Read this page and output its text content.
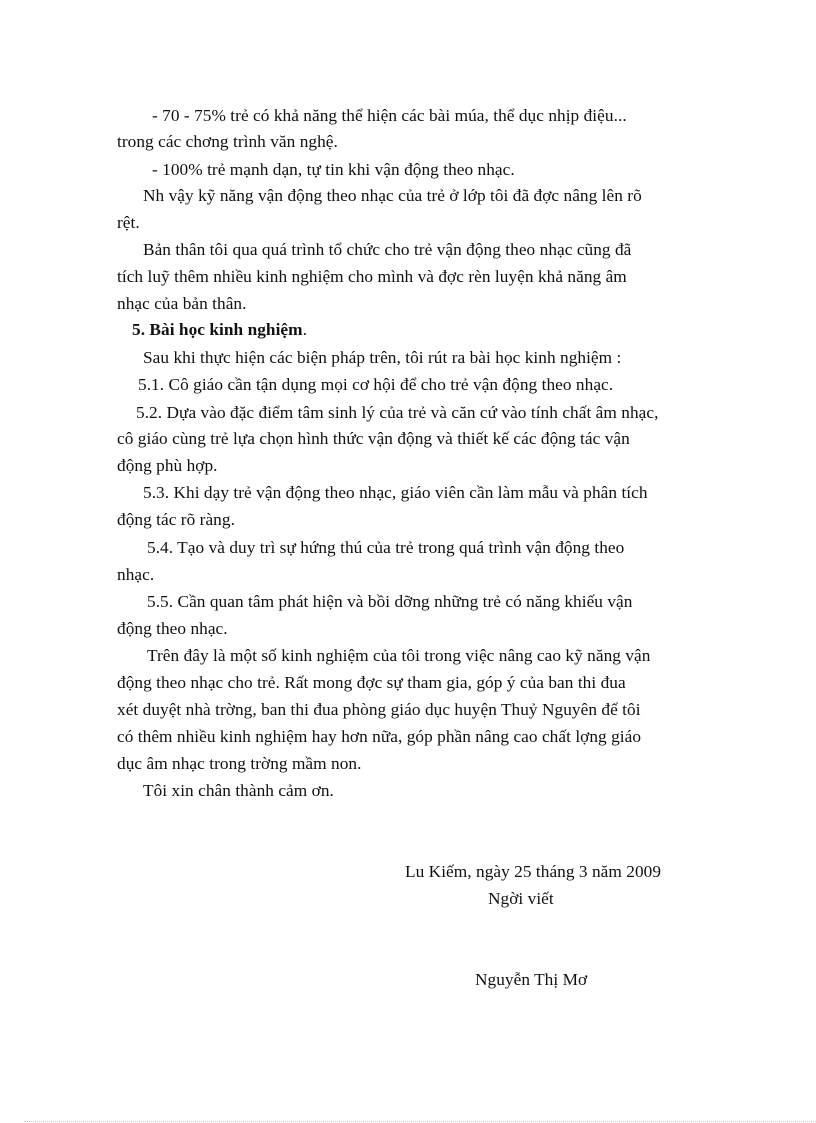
- 70 - 75% trẻ có khả năng thể hiện các bài múa, thể dục nhịp điệu...
trong các chơng trình văn nghệ.
- 100% trẻ mạnh dạn, tự tin khi vận động theo nhạc.
Nh vậy kỹ năng vận động theo nhạc của trẻ ở lớp tôi đã đợc nâng lên rõ
rệt.
Bản thân tôi qua quá trình tổ chức cho trẻ vận động theo nhạc cũng đã
tích luỹ thêm nhiều kinh nghiệm cho mình và đợc rèn luyện khả năng âm
nhạc của bản thân.
5. Bài học kinh nghiệm.
Sau khi thực hiện các biện pháp trên, tôi rút ra bài học kinh nghiệm :
5.1. Cô giáo cần tận dụng mọi cơ hội để cho trẻ vận động theo nhạc.
5.2. Dựa vào đặc điểm tâm sinh lý của trẻ và căn cứ vào tính chất âm nhạc,
cô giáo cùng trẻ lựa chọn hình thức vận động và thiết kế các động tác vận
động phù hợp.
5.3. Khi dạy trẻ vận động theo nhạc, giáo viên cần làm mẫu và phân tích
động tác rõ ràng.
5.4. Tạo và duy trì sự hứng thú của trẻ trong quá trình vận động theo
nhạc.
5.5. Cần quan tâm phát hiện và bồi dỡng những trẻ có năng khiếu vận
động theo nhạc.
Trên đây là một số kinh nghiệm của tôi trong việc nâng cao kỹ năng vận
động theo nhạc cho trẻ. Rất mong đợc sự tham gia, góp ý của ban thi đua
xét duyệt nhà trờng, ban thi đua phòng giáo dục huyện Thuỷ Nguyên để tôi
có thêm nhiều kinh nghiệm hay hơn nữa, góp phần nâng cao chất lợng giáo
dục âm nhạc trong trờng mầm non.
Tôi xin chân thành cảm ơn.
Lu Kiếm, ngày 25 tháng 3 năm 2009
Ngời viết
Nguyễn Thị Mơ
